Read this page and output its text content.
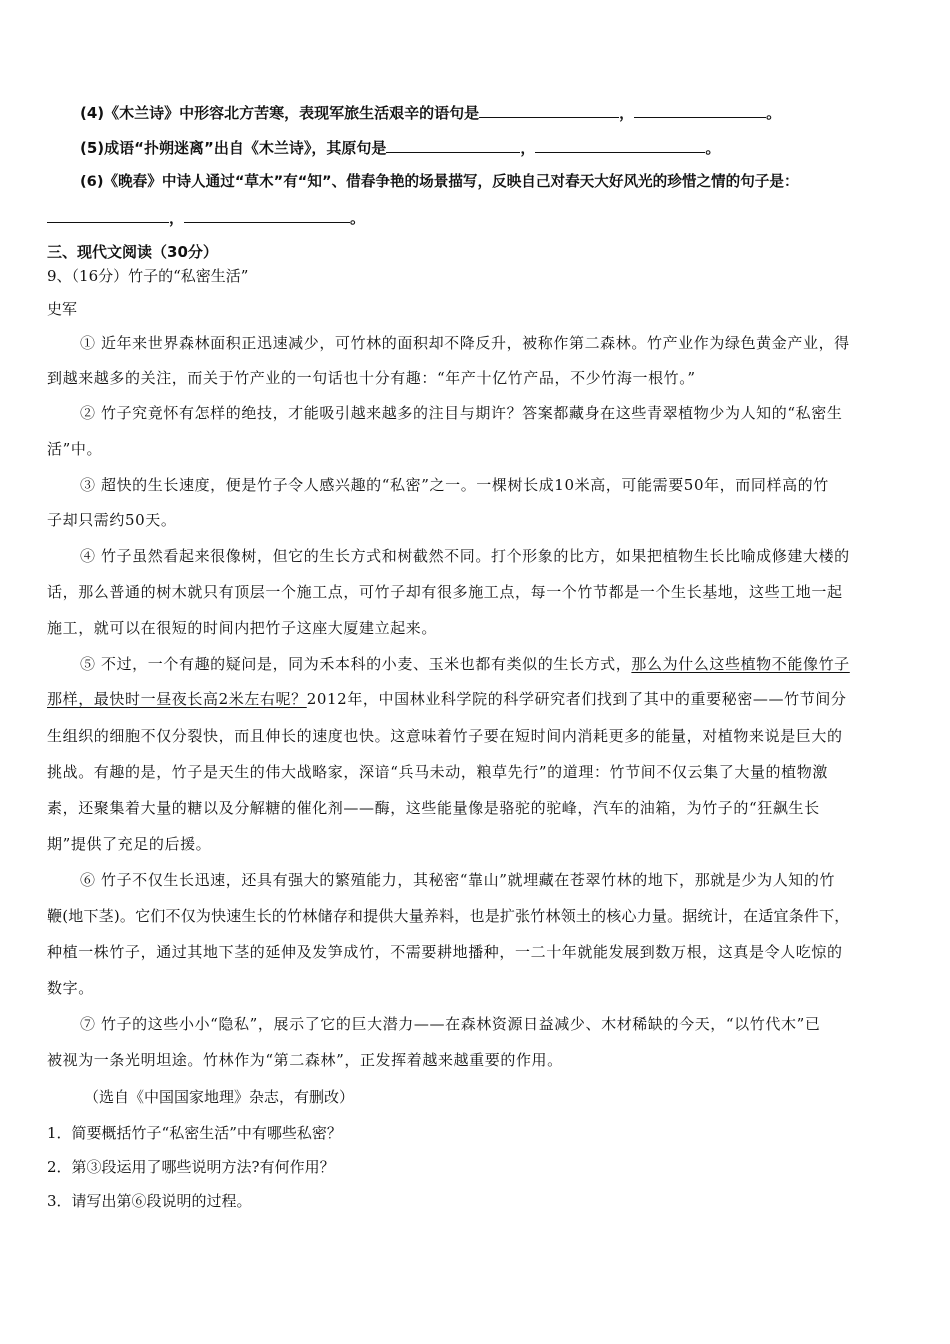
(4)《木兰诗》中形容北方苦寒，表现军旅生活艰辛的语句是	，	。
(5)成语“扑朔迷离”出自《木兰诗》，其原句是	，	。
(6)《晚春》中诗人通过“草木”有“知”、借春争艳的场景描写，反映自己对春天大好风光的珍惜之情的句子是：
，	。
三、现代文阅读（30分）
9、（16分）竹子的“私密生活”
史军
① 近年来世界森林面积正迅速减少，可竹林的面积却不降反升，被称作第二森林。竹产业作为绿色黄金产业，得
到越来越多的关注，而关于竹产业的一句话也十分有趣：“年产十亿竹产品，不少竹海一根竹。”
② 竹子究竟怀有怎样的绝技，才能吸引越来越多的注目与期许？答案都藏身在这些青翠植物少为人知的“私密生
活”中。
③ 超快的生长速度，便是竹子令人感兴趣的“私密”之一。一棵树长成10米高，可能需要50年，而同样高的竹
子却只需约50天。
④ 竹子虽然看起来很像树，但它的生长方式和树截然不同。打个形象的比方，如果把植物生长比喻成修建大楼的
话，那么普通的树木就只有顶层一个施工点，可竹子却有很多施工点，每一个竹节都是一个生长基地，这些工地一起
施工，就可以在很短的时间内把竹子这座大厦建立起来。
⑤ 不过，一个有趣的疑问是，同为禾本科的小麦、玉米也都有类似的生长方式，那么为什么这些植物不能像竹子
那样，最快时一昼夜长高2米左右呢？2012年，中国林业科学院的科学研究者们找到了其中的重要秘密——竹节间分
生组织的细胞不仅分裂快，而且伸长的速度也快。这意味着竹子要在短时间内消耗更多的能量，对植物来说是巨大的
挑战。有趣的是，竹子是天生的伟大战略家，深谙“兵马未动，粮草先行”的道理：竹节间不仅云集了大量的植物激
素，还聚集着大量的糖以及分解糖的催化剂——酶，这些能量像是骆驼的驼峰，汽车的油箱，为竹子的“狂飙生长
期”提供了充足的后援。
⑥ 竹子不仅生长迅速，还具有强大的繁殖能力，其秘密“靠山”就埋藏在苍翠竹林的地下，那就是少为人知的竹
鞭(地下茎)。它们不仅为快速生长的竹林储存和提供大量养料，也是扩张竹林领土的核心力量。据统计，在适宜条件下，
种植一株竹子，通过其地下茎的延伸及发笋成竹，不需要耕地播种，一二十年就能发展到数万根，这真是令人吃惊的
数字。
⑦ 竹子的这些小小“隐私”，展示了它的巨大潜力——在森林资源日益减少、木材稀缺的今天，“以竹代木”已
被视为一条光明坦途。竹林作为“第二森林”，正发挥着越来越重要的作用。
（选自《中国国家地理》杂志，有删改）
1．简要概括竹子“私密生活”中有哪些私密？
2．第③段运用了哪些说明方法?有何作用？
3．请写出第⑥段说明的过程。
